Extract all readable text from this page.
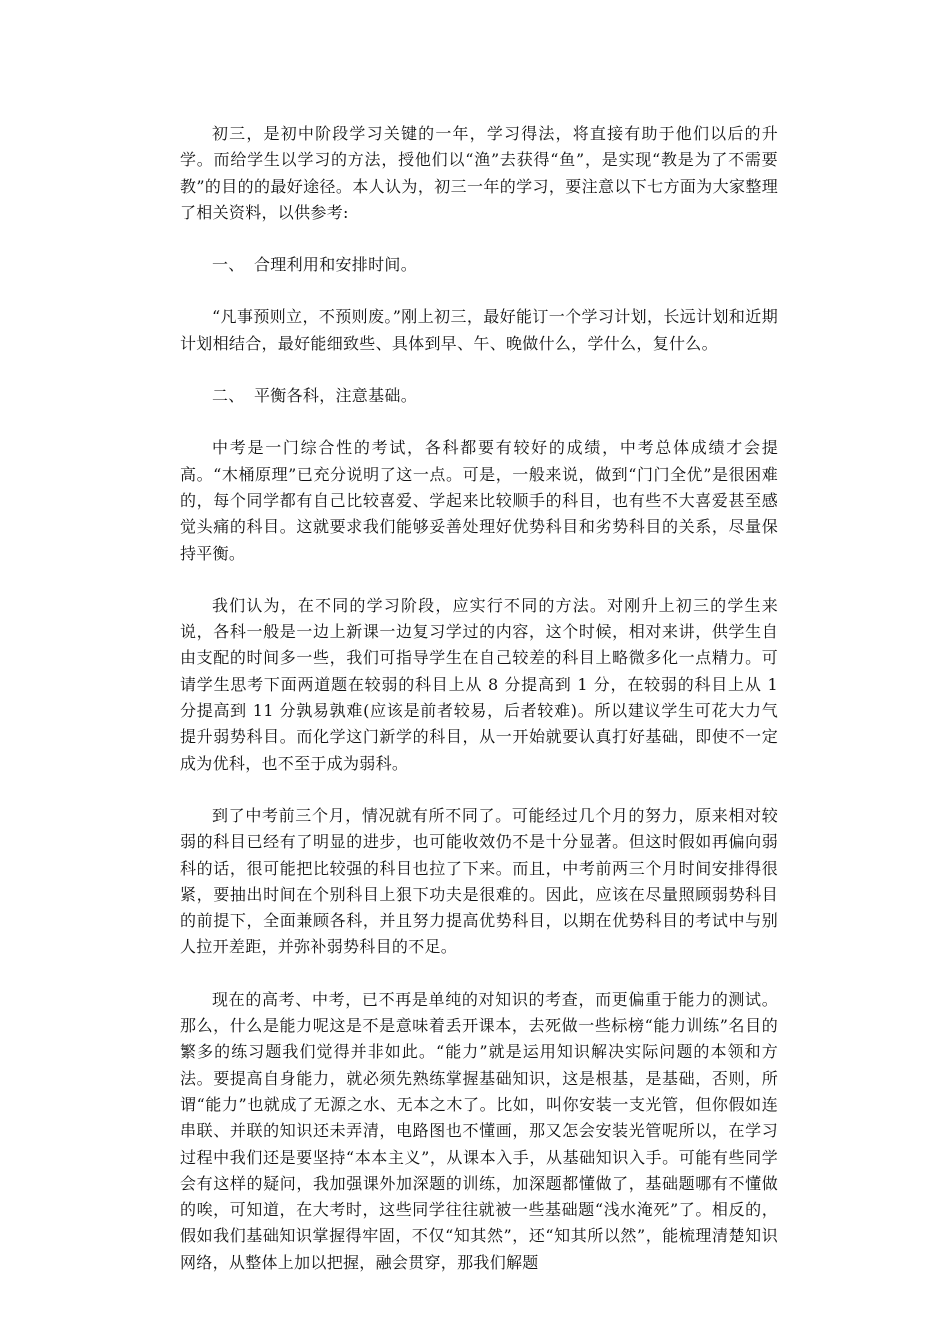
初三，是初中阶段学习关键的一年，学习得法，将直接有助于他们以后的升学。而给学生以学习的方法，授他们以“渔”去获得“鱼”，是实现“教是为了不需要教”的目的的最好途径。本人认为，初三一年的学习，要注意以下七方面为大家整理了相关资料，以供参考:

一、 合理利用和安排时间。

“凡事预则立，不预则废。”刚上初三，最好能订一个学习计划，长远计划和近期计划相结合，最好能细致些、具体到早、午、晚做什么，学什么，复什么。

二、 平衡各科，注意基础。

中考是一门综合性的考试，各科都要有较好的成绩，中考总体成绩才会提高。“木桶原理”已充分说明了这一点。可是，一般来说，做到“门门全优”是很困难的，每个同学都有自己比较喜爱、学起来比较顺手的科目，也有些不大喜爱甚至感觉头痛的科目。这就要求我们能够妥善处理好优势科目和劣势科目的关系，尽量保持平衡。

我们认为，在不同的学习阶段，应实行不同的方法。对刚升上初三的学生来说，各科一般是一边上新课一边复习学过的内容，这个时候，相对来讲，供学生自由支配的时间多一些，我们可指导学生在自己较差的科目上略微多化一点精力。可请学生思考下面两道题在较弱的科目上从 8 分提高到 1 分，在较弱的科目上从 1 分提高到 11 分孰易孰难(应该是前者较易，后者较难)。所以建议学生可花大力气提升弱势科目。而化学这门新学的科目，从一开始就要认真打好基础，即使不一定成为优科，也不至于成为弱科。

到了中考前三个月，情况就有所不同了。可能经过几个月的努力，原来相对较弱的科目已经有了明显的进步，也可能收效仍不是十分显著。但这时假如再偏向弱科的话，很可能把比较强的科目也拉了下来。而且，中考前两三个月时间安排得很紧，要抽出时间在个别科目上狠下功夫是很难的。因此，应该在尽量照顾弱势科目的前提下，全面兼顾各科，并且努力提高优势科目，以期在优势科目的考试中与别人拉开差距，并弥补弱势科目的不足。

现在的高考、中考，已不再是单纯的对知识的考查，而更偏重于能力的测试。那么，什么是能力呢这是不是意味着丢开课本，去死做一些标榜“能力训练”名目的繁多的练习题我们觉得并非如此。“能力”就是运用知识解决实际问题的本领和方法。要提高自身能力，就必须先熟练掌握基础知识，这是根基，是基础，否则，所谓“能力”也就成了无源之水、无本之木了。比如，叫你安装一支光管，但你假如连串联、并联的知识还未弄清，电路图也不懂画，那又怎会安装光管呢所以，在学习过程中我们还是要坚持“本本主义”，从课本入手，从基础知识入手。可能有些同学会有这样的疑问，我加强课外加深题的训练，加深题都懂做了，基础题哪有不懂做的唉，可知道，在大考时，这些同学往往就被一些基础题“浅水淹死”了。相反的，假如我们基础知识掌握得牢固，不仅“知其然”，还“知其所以然”，能梳理清楚知识网络，从整体上加以把握，融会贯穿，那我们解题
